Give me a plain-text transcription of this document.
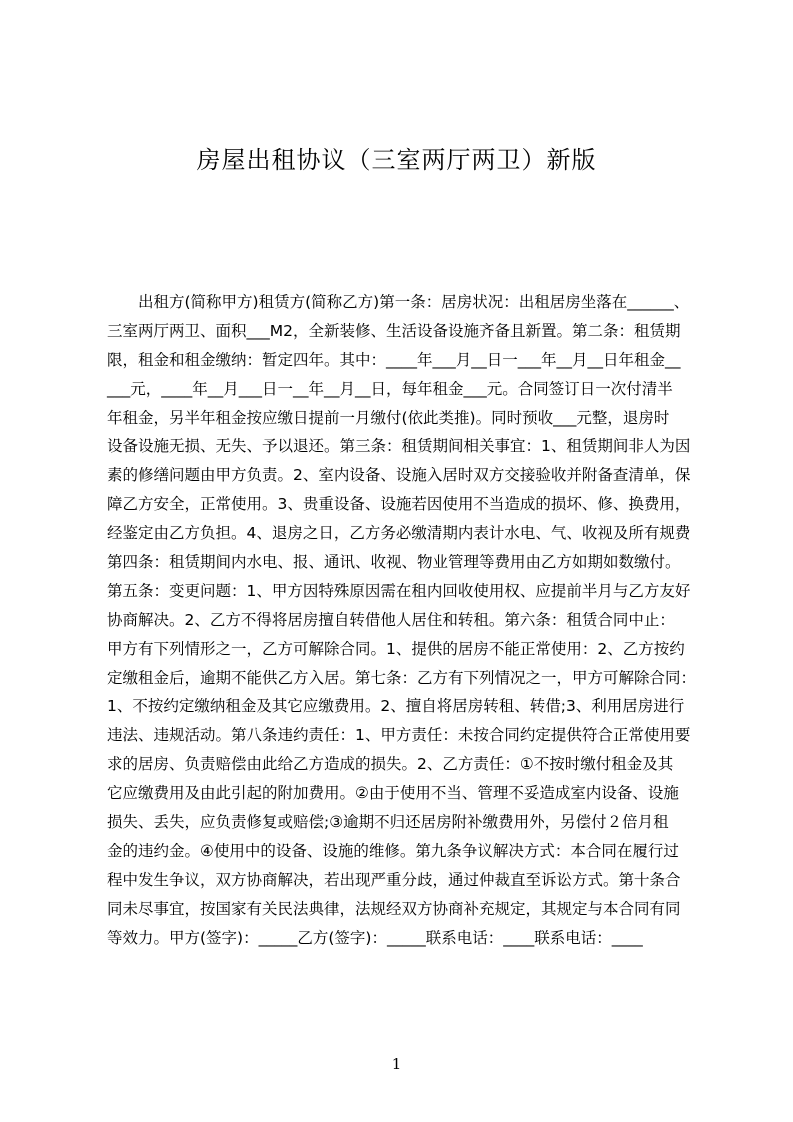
房屋出租协议（三室两厅两卫）新版
　　出租方(简称甲方)租赁方(简称乙方)第一条：居房状况：出租居房坐落在______、
三室两厅两卫、面积___M2，全新装修、生活设备设施齐备且新置。第二条：租赁期
限，租金和租金缴纳：暂定四年。其中：____年___月__日一___年__月__日年租金__
___元，____年__月___日一__年__月__日，每年租金___元。合同签订日一次付清半
年租金，另半年租金按应缴日提前一月缴付(依此类推)。同时预收___元整，退房时
设备设施无损、无失、予以退还。第三条：租赁期间相关事宜：1、租赁期间非人为因
素的修缮问题由甲方负责。2、室内设备、设施入居时双方交接验收并附备查清单，保
障乙方安全，正常使用。3、贵重设备、设施若因使用不当造成的损坏、修、换费用，
经鉴定由乙方负担。4、退房之日，乙方务必缴清期内表计水电、气、收视及所有规费
第四条：租赁期间内水电、报、通讯、收视、物业管理等费用由乙方如期如数缴付。
第五条：变更问题：1、甲方因特殊原因需在租内回收使用权、应提前半月与乙方友好
协商解决。2、乙方不得将居房擅自转借他人居住和转租。第六条：租赁合同中止：
甲方有下列情形之一，乙方可解除合同。1、提供的居房不能正常使用：2、乙方按约
定缴租金后，逾期不能供乙方入居。第七条：乙方有下列情况之一，甲方可解除合同：
1、不按约定缴纳租金及其它应缴费用。2、擅自将居房转租、转借;3、利用居房进行
违法、违规活动。第八条违约责任：1、甲方责任：未按合同约定提供符合正常使用要
求的居房、负责赔偿由此给乙方造成的损失。2、乙方责任：①不按时缴付租金及其
它应缴费用及由此引起的附加费用。②由于使用不当、管理不妥造成室内设备、设施
损失、丢失，应负责修复或赔偿;③逾期不归还居房附补缴费用外，另偿付２倍月租
金的违约金。④使用中的设备、设施的维修。第九条争议解决方式：本合同在履行过
程中发生争议，双方协商解决，若出现严重分歧，通过仲裁直至诉讼方式。第十条合
同未尽事宜，按国家有关民法典律，法规经双方协商补充规定，其规定与本合同有同
等效力。甲方(签字)：_____乙方(签字)：_____联系电话：____联系电话：____
1
